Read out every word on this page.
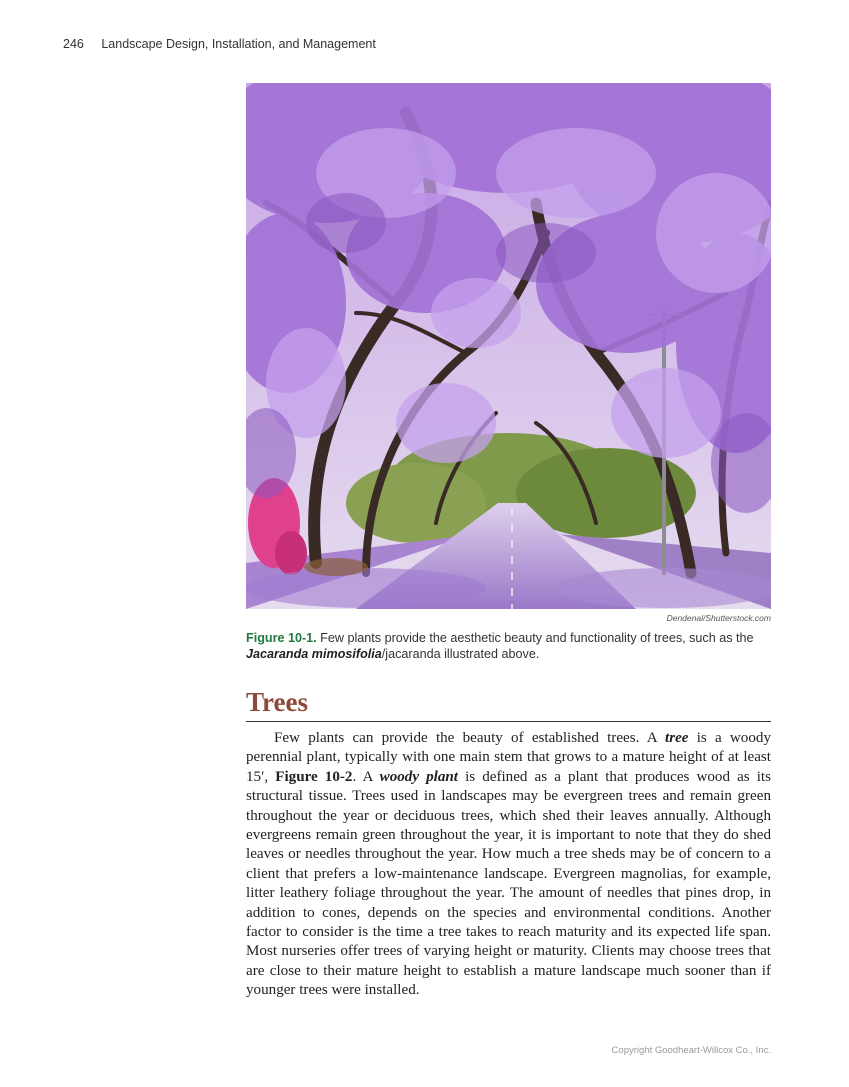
246 Landscape Design, Installation, and Management
Dendenal/Shutterstock.com
Figure 10-1. Few plants provide the aesthetic beauty and functionality of trees, such as the Jacaranda mimosifolia/jacaranda illustrated above.
Trees

Few plants can provide the beauty of established trees. A tree is a woody perennial plant, typically with one main stem that grows to a mature height of at least 15′, Figure 10-2. A woody plant is defined as a plant that produces wood as its structural tissue. Trees used in landscapes may be evergreen trees and remain green throughout the year or deciduous trees, which shed their leaves annually. Although evergreens remain green throughout the year, it is important to note that they do shed leaves or needles throughout the year. How much a tree sheds may be of concern to a client that prefers a low-maintenance landscape. Evergreen magnolias, for example, litter leathery foliage throughout the year. The amount of needles that pines drop, in addition to cones, depends on the species and environmental conditions. Another factor to consider is the time a tree takes to reach maturity and its expected life span. Most nurseries offer trees of varying height or maturity. Clients may choose trees that are close to their mature height to establish a mature landscape much sooner than if younger trees were installed.

Copyright Goodheart-Willcox Co., Inc.
